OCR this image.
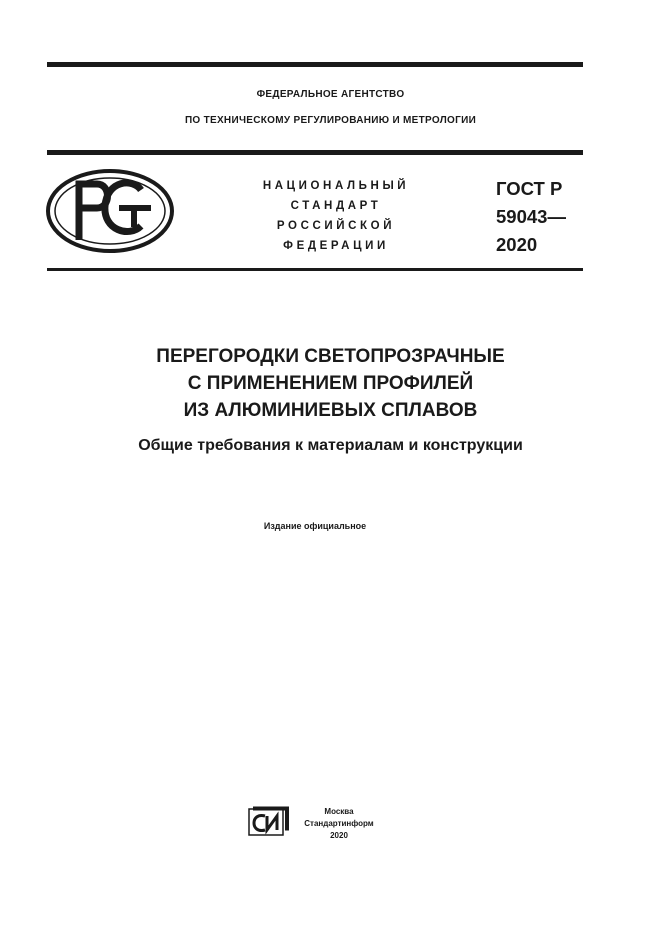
ФЕДЕРАЛЬНОЕ АГЕНТСТВО
ПО ТЕХНИЧЕСКОМУ РЕГУЛИРОВАНИЮ И МЕТРОЛОГИИ
НАЦИОНАЛЬНЫЙ
СТАНДАРТ
РОССИЙСКОЙ
ФЕДЕРАЦИИ
ГОСТ Р
59043—
2020
ПЕРЕГОРОДКИ СВЕТОПРОЗРАЧНЫЕ
С ПРИМЕНЕНИЕМ ПРОФИЛЕЙ
ИЗ АЛЮМИНИЕВЫХ СПЛАВОВ
Общие требования к материалам и конструкции
Издание официальное
Москва
Стандартинформ
2020
